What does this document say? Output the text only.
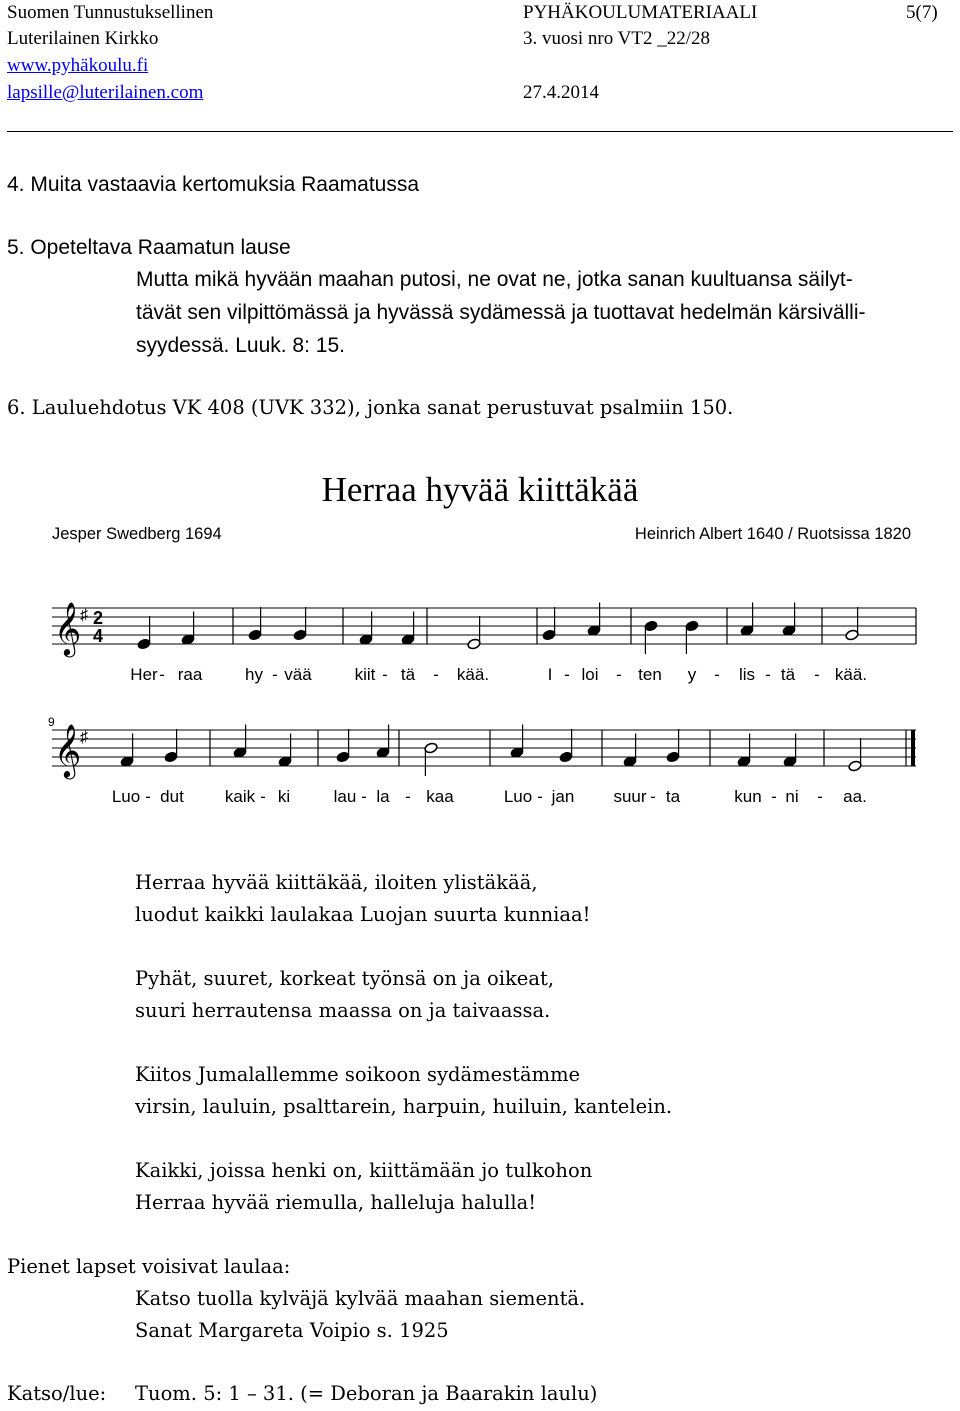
Suomen Tunnustuksellinen
Luterilainen Kirkko
www.pyhäkoulu.fi
lapsille@luterilainen.com
PYHÄKOULUMATERIAALI
3. vuosi nro VT2 _22/28
27.4.2014
5(7)
4. Muita vastaavia kertomuksia Raamatussa
5. Opeteltava Raamatun lause
Mutta mikä hyvään maahan putosi, ne ovat ne, jotka sanan kuultuansa säilyt-
tävät sen vilpittömässä ja hyvässä sydämessä ja tuottavat hedelmän kärsivälli-
syydessä. Luuk. 8: 15.
6. Lauluehdotus VK 408 (UVK 332), jonka sanat perustuvat psalmiin 150.
Herraa hyvää kiittäkää
Jesper Swedberg 1694	Heinrich Albert 1640 / Ruotsissa 1820
𝄞
♯ 2
4
Her - raa	hy - vää	kiit - tä - kää.	I - loi - ten y - lis - tä - kää.
9
𝄞
♯
Luo - dut kaik - ki	lau - la - kaa	Luo - jan suur - ta	kun - ni - aa.
Herraa hyvää kiittäkää, iloiten ylistäkää,
luodut kaikki laulakaa Luojan suurta kunniaa!
Pyhät, suuret, korkeat työnsä on ja oikeat,
suuri herrautensa maassa on ja taivaassa.
Kiitos Jumalallemme soikoon sydämestämme
virsin, lauluin, psalttarein, harpuin, huiluin, kantelein.
Kaikki, joissa henki on, kiittämään jo tulkohon
Herraa hyvää riemulla, halleluja halulla!
Pienet lapset voisivat laulaa:
Katso tuolla kylväjä kylvää maahan siementä.
Sanat Margareta Voipio s. 1925
Katso/lue: Tuom. 5: 1 – 31. (= Deboran ja Baarakin laulu)
